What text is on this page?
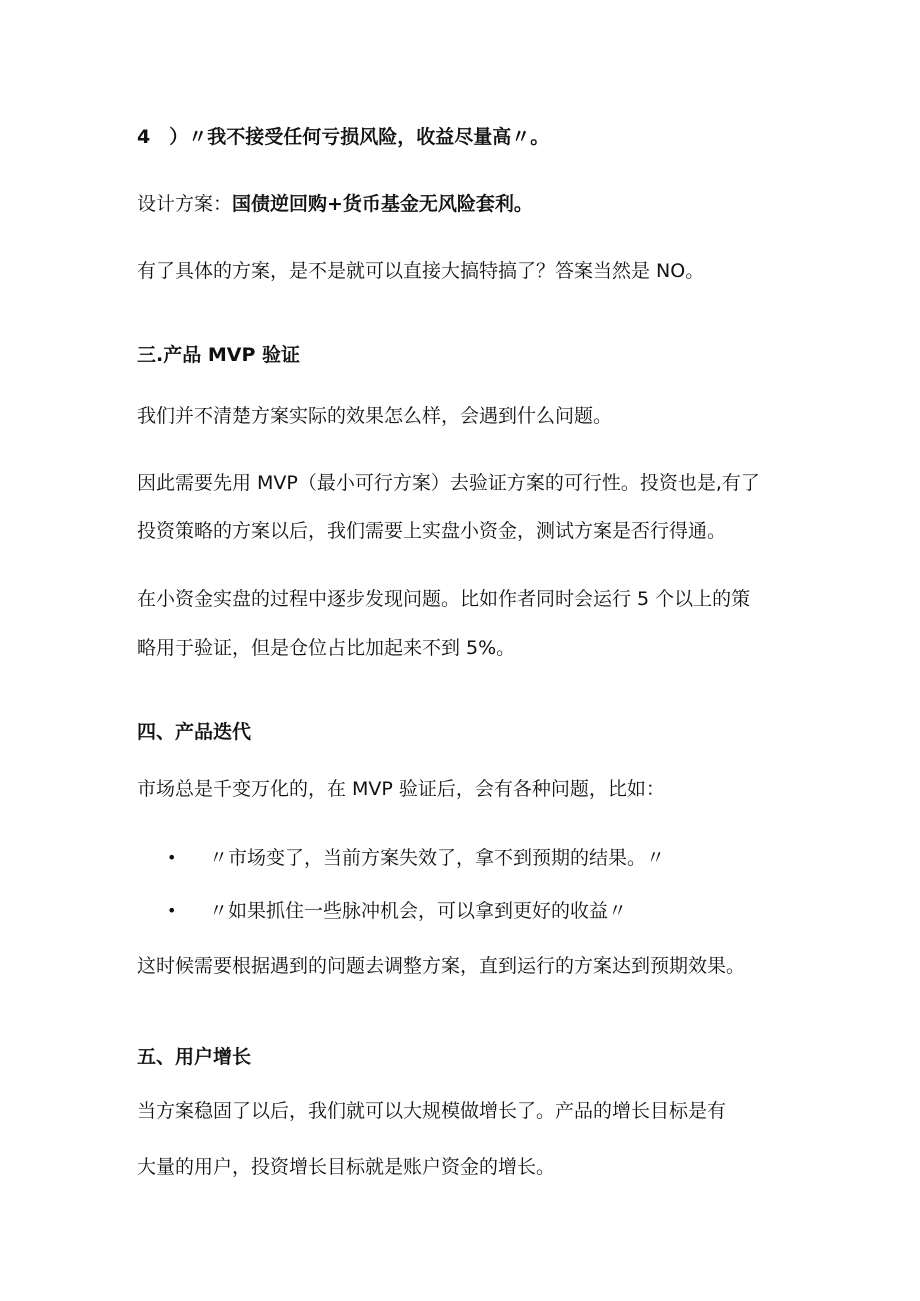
4　）〃我不接受任何亏损风险，收益尽量高〃。
设计方案：国债逆回购+货币基金无风险套利。
有了具体的方案，是不是就可以直接大搞特搞了？答案当然是 NO。
三.产品 MVP 验证
我们并不清楚方案实际的效果怎么样，会遇到什么问题。
因此需要先用 MVP（最小可行方案）去验证方案的可行性。投资也是,有了
投资策略的方案以后，我们需要上实盘小资金，测试方案是否行得通。
在小资金实盘的过程中逐步发现问题。比如作者同时会运行 5 个以上的策
略用于验证，但是仓位占比加起来不到 5%。
四、产品迭代
市场总是千变万化的，在 MVP 验证后，会有各种问题，比如：
• 〃市场变了，当前方案失效了，拿不到预期的结果。〃
• 〃如果抓住一些脉冲机会，可以拿到更好的收益〃
这时候需要根据遇到的问题去调整方案，直到运行的方案达到预期效果。
五、用户增长
当方案稳固了以后，我们就可以大规模做增长了。产品的增长目标是有
大量的用户，投资增长目标就是账户资金的增长。
